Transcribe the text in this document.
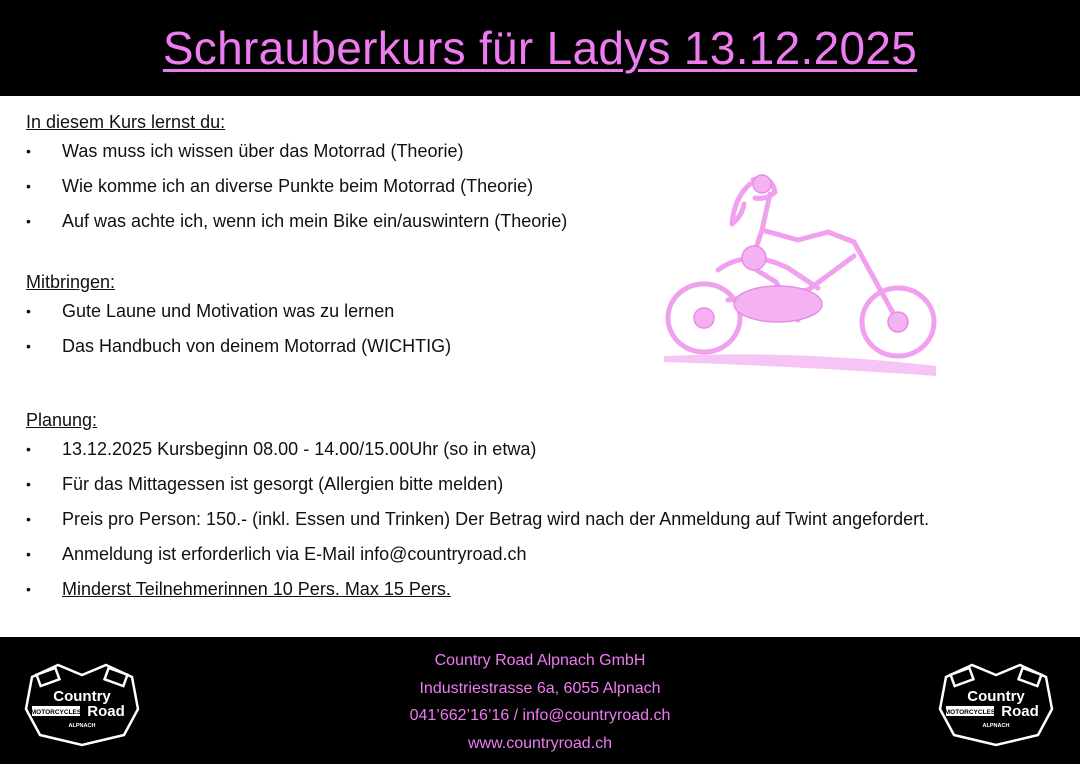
Schrauberkurs für Ladys 13.12.2025
In diesem Kurs lernst du:
• Was muss ich wissen über das Motorrad (Theorie)
• Wie komme ich an diverse Punkte beim Motorrad (Theorie)
• Auf was achte ich, wenn ich mein Bike ein/auswintern (Theorie)
Mitbringen:
• Gute Laune und Motivation was zu lernen
• Das Handbuch von deinem Motorrad (WICHTIG)
Planung:
• 13.12.2025 Kursbeginn 08.00 - 14.00/15.00Uhr (so in etwa)
• Für das Mittagessen ist gesorgt (Allergien bitte melden)
• Preis pro Person: 150.- (inkl. Essen und Trinken) Der Betrag wird nach der Anmeldung auf Twint angefordert.
• Anmeldung ist erforderlich via E-Mail info@countryroad.ch
• Minderst Teilnehmerinnen 10 Pers. Max 15 Pers.
Country Road Alpnach GmbH
Industriestrasse 6a, 6055 Alpnach
041’662’16’16 / info@countryroad.ch
www.countryroad.ch
Country
MOTORCYCLES Road
ALPNACH
Country
MOTORCYCLES Road
ALPNACH
